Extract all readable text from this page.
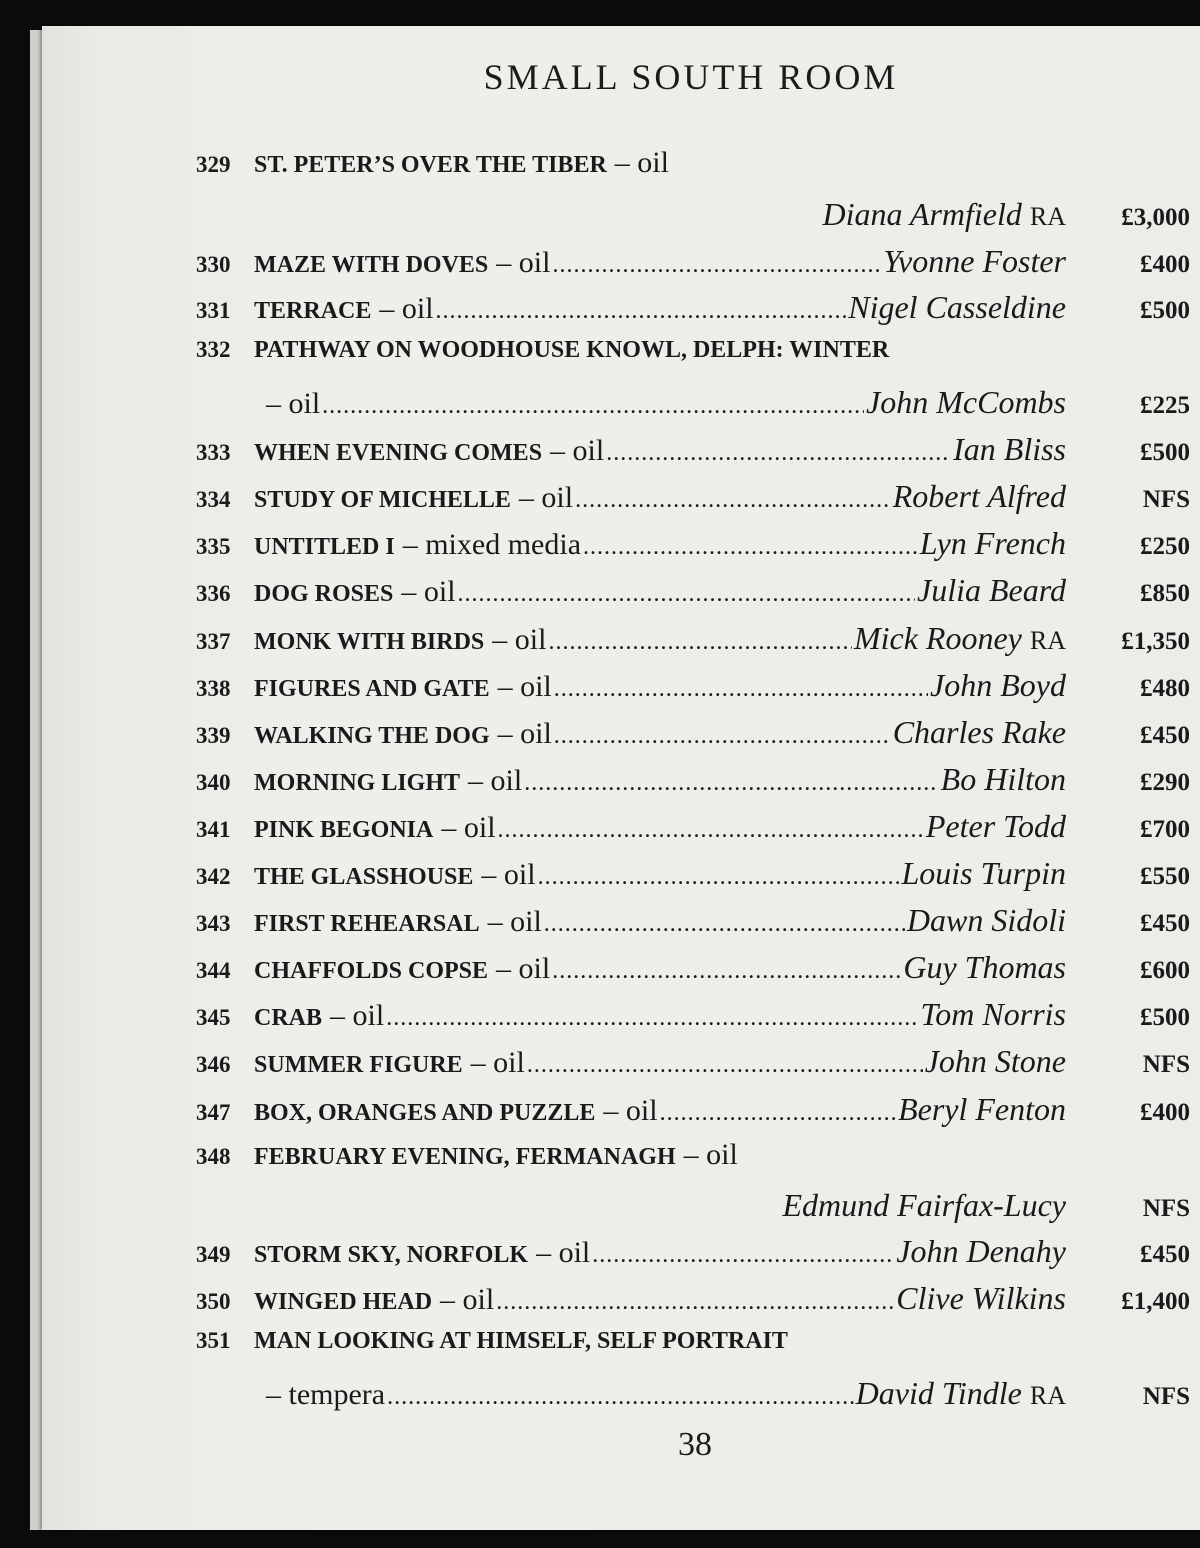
SMALL SOUTH ROOM
329 ST. PETER’S OVER THE TIBER – oil
Diana Armfield RA	£3,000
330 MAZE WITH DOVES – oil .....	Yvonne Foster	£400
331 TERRACE – oil .....	Nigel Casseldine	£500
332 PATHWAY ON WOODHOUSE KNOWL, DELPH: WINTER
– oil .....	John McCombs	£225
333 WHEN EVENING COMES – oil .....	Ian Bliss	£500
334 STUDY OF MICHELLE – oil .....	Robert Alfred	NFS
335 UNTITLED I – mixed media .....	Lyn French	£250
336 DOG ROSES – oil .....	Julia Beard	£850
337 MONK WITH BIRDS – oil .....	Mick Rooney RA	£1,350
338 FIGURES AND GATE – oil .....	John Boyd	£480
339 WALKING THE DOG – oil .....	Charles Rake	£450
340 MORNING LIGHT – oil .....	Bo Hilton	£290
341 PINK BEGONIA – oil .....	Peter Todd	£700
342 THE GLASSHOUSE – oil .....	Louis Turpin	£550
343 FIRST REHEARSAL – oil .....	Dawn Sidoli	£450
344 CHAFFOLDS COPSE – oil .....	Guy Thomas	£600
345 CRAB – oil .....	Tom Norris	£500
346 SUMMER FIGURE – oil .....	John Stone	NFS
347 BOX, ORANGES AND PUZZLE – oil .....	Beryl Fenton	£400
348 FEBRUARY EVENING, FERMANAGH – oil
Edmund Fairfax-Lucy	NFS
349 STORM SKY, NORFOLK – oil .....	John Denahy	£450
350 WINGED HEAD – oil .....	Clive Wilkins	£1,400
351 MAN LOOKING AT HIMSELF, SELF PORTRAIT
– tempera .....	David Tindle RA	NFS
38
